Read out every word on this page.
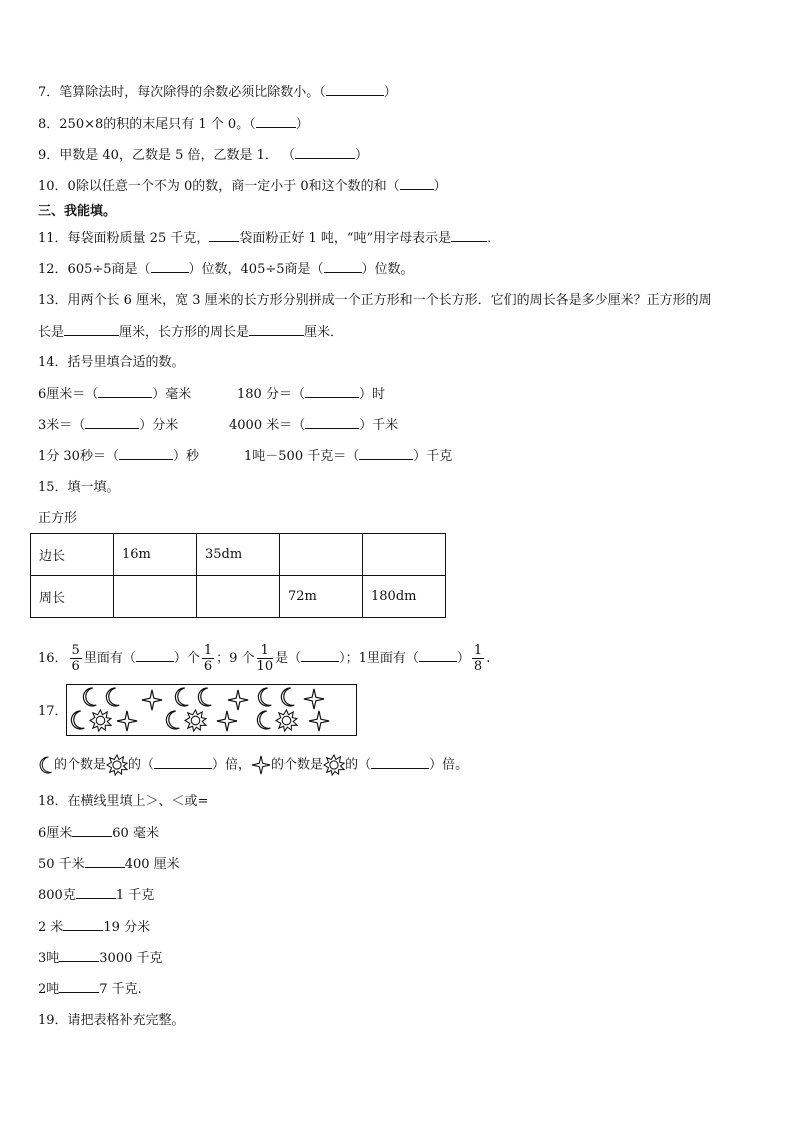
7．笔算除法时，每次除得的余数必须比除数小。（	）
8．250×8的积的末尾只有 1 个 0。（	）
9．甲数是 40，乙数是 5 倍，乙数是 1． （	）
10．0除以任意一个不为 0的数，商一定小于 0和这个数的和（	）
三、我能填。
11．每袋面粉质量 25 千克， 袋面粉正好 1 吨，“吨”用字母表示是	．
12．605÷5商是（	）位数，405÷5商是（	）位数。
13．用两个长 6 厘米，宽 3 厘米的长方形分别拼成一个正方形和一个长方形．它们的周长各是多少厘米？正方形的周
长是	厘米，长方形的周长是	厘米．
14．括号里填合适的数。
6厘米＝（	）毫米	180 分＝（	）时
3米＝（	）分米	4000 米＝（	）千米
1分 30秒＝（	）秒	1吨－500 千克＝（	）千克
15．填一填。
正方形
边长	16m	35dm		
周长			72m	180dm
16． $\frac{5}{6}$ 里面有（	）个 $\frac{1}{6}$ ；9 个 $\frac{1}{10}$ 是（	）；1里面有（	） $\frac{1}{8}$ .
17．
的个数是 的（	）倍， 的个数是 的（	）倍。
18．在横线里填上＞、＜或=
6厘米	60 毫米
50 千米	400 厘米
800克	1 千克
2 米	19 分米
3吨	3000 千克
2吨	7 千克.
19．请把表格补充完整。
